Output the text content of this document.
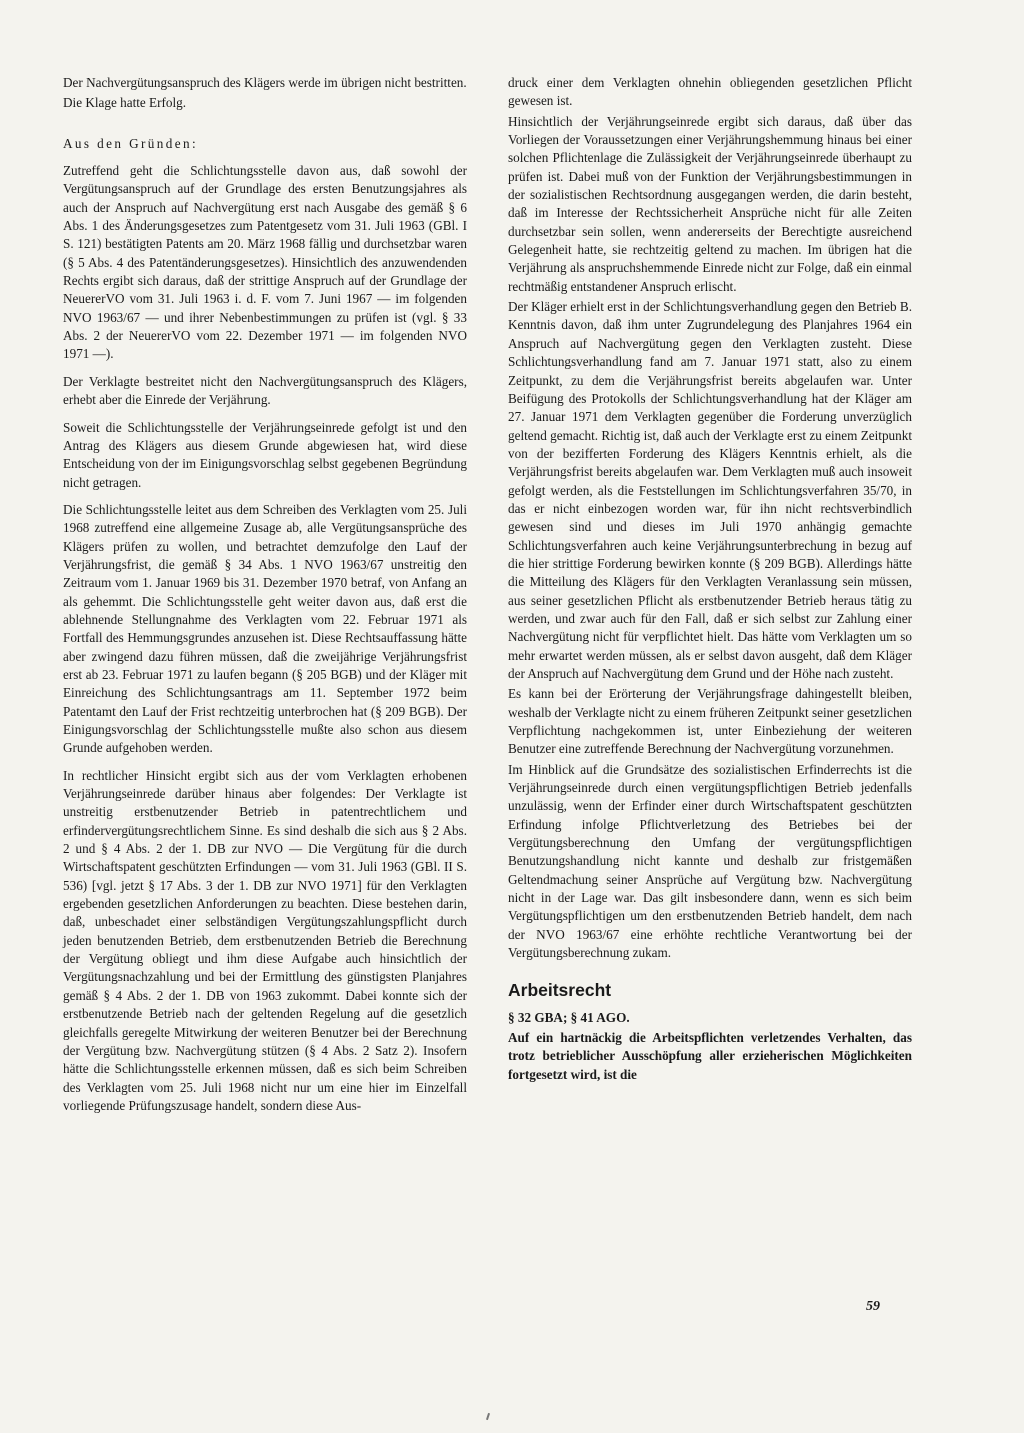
Der Nachvergütungsanspruch des Klägers werde im übrigen nicht bestritten.

Die Klage hatte Erfolg.

Aus den Gründen:

Zutreffend geht die Schlichtungsstelle davon aus, daß sowohl der Vergütungsanspruch auf der Grundlage des ersten Benutzungsjahres als auch der Anspruch auf Nachvergütung erst nach Ausgabe des gemäß § 6 Abs. 1 des Änderungsgesetzes zum Patentgesetz vom 31. Juli 1963 (GBl. I S. 121) bestätigten Patents am 20. März 1968 fällig und durchsetzbar waren (§ 5 Abs. 4 des Patentänderungsgesetzes). Hinsichtlich des anzuwendenden Rechts ergibt sich daraus, daß der strittige Anspruch auf der Grundlage der NeuererVO vom 31. Juli 1963 i. d. F. vom 7. Juni 1967 — im folgenden NVO 1963/67 — und ihrer Nebenbestimmungen zu prüfen ist (vgl. § 33 Abs. 2 der NeuererVO vom 22. Dezember 1971 — im folgenden NVO 1971 —).

Der Verklagte bestreitet nicht den Nachvergütungsanspruch des Klägers, erhebt aber die Einrede der Verjährung.

Soweit die Schlichtungsstelle der Verjährungseinrede gefolgt ist und den Antrag des Klägers aus diesem Grunde abgewiesen hat, wird diese Entscheidung von der im Einigungsvorschlag selbst gegebenen Begründung nicht getragen.

Die Schlichtungsstelle leitet aus dem Schreiben des Verklagten vom 25. Juli 1968 zutreffend eine allgemeine Zusage ab, alle Vergütungsansprüche des Klägers prüfen zu wollen, und betrachtet demzufolge den Lauf der Verjährungsfrist, die gemäß § 34 Abs. 1 NVO 1963/67 unstreitig den Zeitraum vom 1. Januar 1969 bis 31. Dezember 1970 betraf, von Anfang an als gehemmt. Die Schlichtungsstelle geht weiter davon aus, daß erst die ablehnende Stellungnahme des Verklagten vom 22. Februar 1971 als Fortfall des Hemmungsgrundes anzusehen ist. Diese Rechtsauffassung hätte aber zwingend dazu führen müssen, daß die zweijährige Verjährungsfrist erst ab 23. Februar 1971 zu laufen begann (§ 205 BGB) und der Kläger mit Einreichung des Schlichtungsantrags am 11. September 1972 beim Patentamt den Lauf der Frist rechtzeitig unterbrochen hat (§ 209 BGB). Der Einigungsvorschlag der Schlichtungsstelle mußte also schon aus diesem Grunde aufgehoben werden.

In rechtlicher Hinsicht ergibt sich aus der vom Verklagten erhobenen Verjährungseinrede darüber hinaus aber folgendes: Der Verklagte ist unstreitig erstbenutzender Betrieb in patentrechtlichem und erfindervergütungsrechtlichem Sinne. Es sind deshalb die sich aus § 2 Abs. 2 und § 4 Abs. 2 der 1. DB zur NVO — Die Vergütung für die durch Wirtschaftspatent geschützten Erfindungen — vom 31. Juli 1963 (GBl. II S. 536) [vgl. jetzt § 17 Abs. 3 der 1. DB zur NVO 1971] für den Verklagten ergebenden gesetzlichen Anforderungen zu beachten. Diese bestehen darin, daß, unbeschadet einer selbständigen Vergütungszahlungspflicht durch jeden benutzenden Betrieb, dem erstbenutzenden Betrieb die Berechnung der Vergütung obliegt und ihm diese Aufgabe auch hinsichtlich der Vergütungsnachzahlung und bei der Ermittlung des günstigsten Planjahres gemäß § 4 Abs. 2 der 1. DB von 1963 zukommt. Dabei konnte sich der erstbenutzende Betrieb nach der geltenden Regelung auf die gesetzlich gleichfalls geregelte Mitwirkung der weiteren Benutzer bei der Berechnung der Vergütung bzw. Nachvergütung stützen (§ 4 Abs. 2 Satz 2). Insofern hätte die Schlichtungsstelle erkennen müssen, daß es sich beim Schreiben des Verklagten vom 25. Juli 1968 nicht nur um eine hier im Einzelfall vorliegende Prüfungszusage handelt, sondern diese Aus-

druck einer dem Verklagten ohnehin obliegenden gesetzlichen Pflicht gewesen ist.

Hinsichtlich der Verjährungseinrede ergibt sich daraus, daß über das Vorliegen der Voraussetzungen einer Verjährungshemmung hinaus bei einer solchen Pflichtenlage die Zulässigkeit der Verjährungseinrede überhaupt zu prüfen ist. Dabei muß von der Funktion der Verjährungsbestimmungen in der sozialistischen Rechtsordnung ausgegangen werden, die darin besteht, daß im Interesse der Rechtssicherheit Ansprüche nicht für alle Zeiten durchsetzbar sein sollen, wenn andererseits der Berechtigte ausreichend Gelegenheit hatte, sie rechtzeitig geltend zu machen. Im übrigen hat die Verjährung als anspruchshemmende Einrede nicht zur Folge, daß ein einmal rechtmäßig entstandener Anspruch erlischt.

Der Kläger erhielt erst in der Schlichtungsverhandlung gegen den Betrieb B. Kenntnis davon, daß ihm unter Zugrundelegung des Planjahres 1964 ein Anspruch auf Nachvergütung gegen den Verklagten zusteht. Diese Schlichtungsverhandlung fand am 7. Januar 1971 statt, also zu einem Zeitpunkt, zu dem die Verjährungsfrist bereits abgelaufen war. Unter Beifügung des Protokolls der Schlichtungsverhandlung hat der Kläger am 27. Januar 1971 dem Verklagten gegenüber die Forderung unverzüglich geltend gemacht. Richtig ist, daß auch der Verklagte erst zu einem Zeitpunkt von der bezifferten Forderung des Klägers Kenntnis erhielt, als die Verjährungsfrist bereits abgelaufen war. Dem Verklagten muß auch insoweit gefolgt werden, als die Feststellungen im Schlichtungsverfahren 35/70, in das er nicht einbezogen worden war, für ihn nicht rechtsverbindlich gewesen sind und dieses im Juli 1970 anhängig gemachte Schlichtungsverfahren auch keine Verjährungsunterbrechung in bezug auf die hier strittige Forderung bewirken konnte (§ 209 BGB). Allerdings hätte die Mitteilung des Klägers für den Verklagten Veranlassung sein müssen, aus seiner gesetzlichen Pflicht als erstbenutzender Betrieb heraus tätig zu werden, und zwar auch für den Fall, daß er sich selbst zur Zahlung einer Nachvergütung nicht für verpflichtet hielt. Das hätte vom Verklagten um so mehr erwartet werden müssen, als er selbst davon ausgeht, daß dem Kläger der Anspruch auf Nachvergütung dem Grund und der Höhe nach zusteht.

Es kann bei der Erörterung der Verjährungsfrage dahingestellt bleiben, weshalb der Verklagte nicht zu einem früheren Zeitpunkt seiner gesetzlichen Verpflichtung nachgekommen ist, unter Einbeziehung der weiteren Benutzer eine zutreffende Berechnung der Nachvergütung vorzunehmen.

Im Hinblick auf die Grundsätze des sozialistischen Erfinderrechts ist die Verjährungseinrede durch einen vergütungspflichtigen Betrieb jedenfalls unzulässig, wenn der Erfinder einer durch Wirtschaftspatent geschützten Erfindung infolge Pflichtverletzung des Betriebes bei der Vergütungsberechnung den Umfang der vergütungspflichtigen Benutzungshandlung nicht kannte und deshalb zur fristgemäßen Geltendmachung seiner Ansprüche auf Vergütung bzw. Nachvergütung nicht in der Lage war. Das gilt insbesondere dann, wenn es sich beim Vergütungspflichtigen um den erstbenutzenden Betrieb handelt, dem nach der NVO 1963/67 eine erhöhte rechtliche Verantwortung bei der Vergütungsberechnung zukam.

Arbeitsrecht

§ 32 GBA; § 41 AGO.

Auf ein hartnäckig die Arbeitspflichten verletzendes Verhalten, das trotz betrieblicher Ausschöpfung aller erzieherischen Möglichkeiten fortgesetzt wird, ist die

59
